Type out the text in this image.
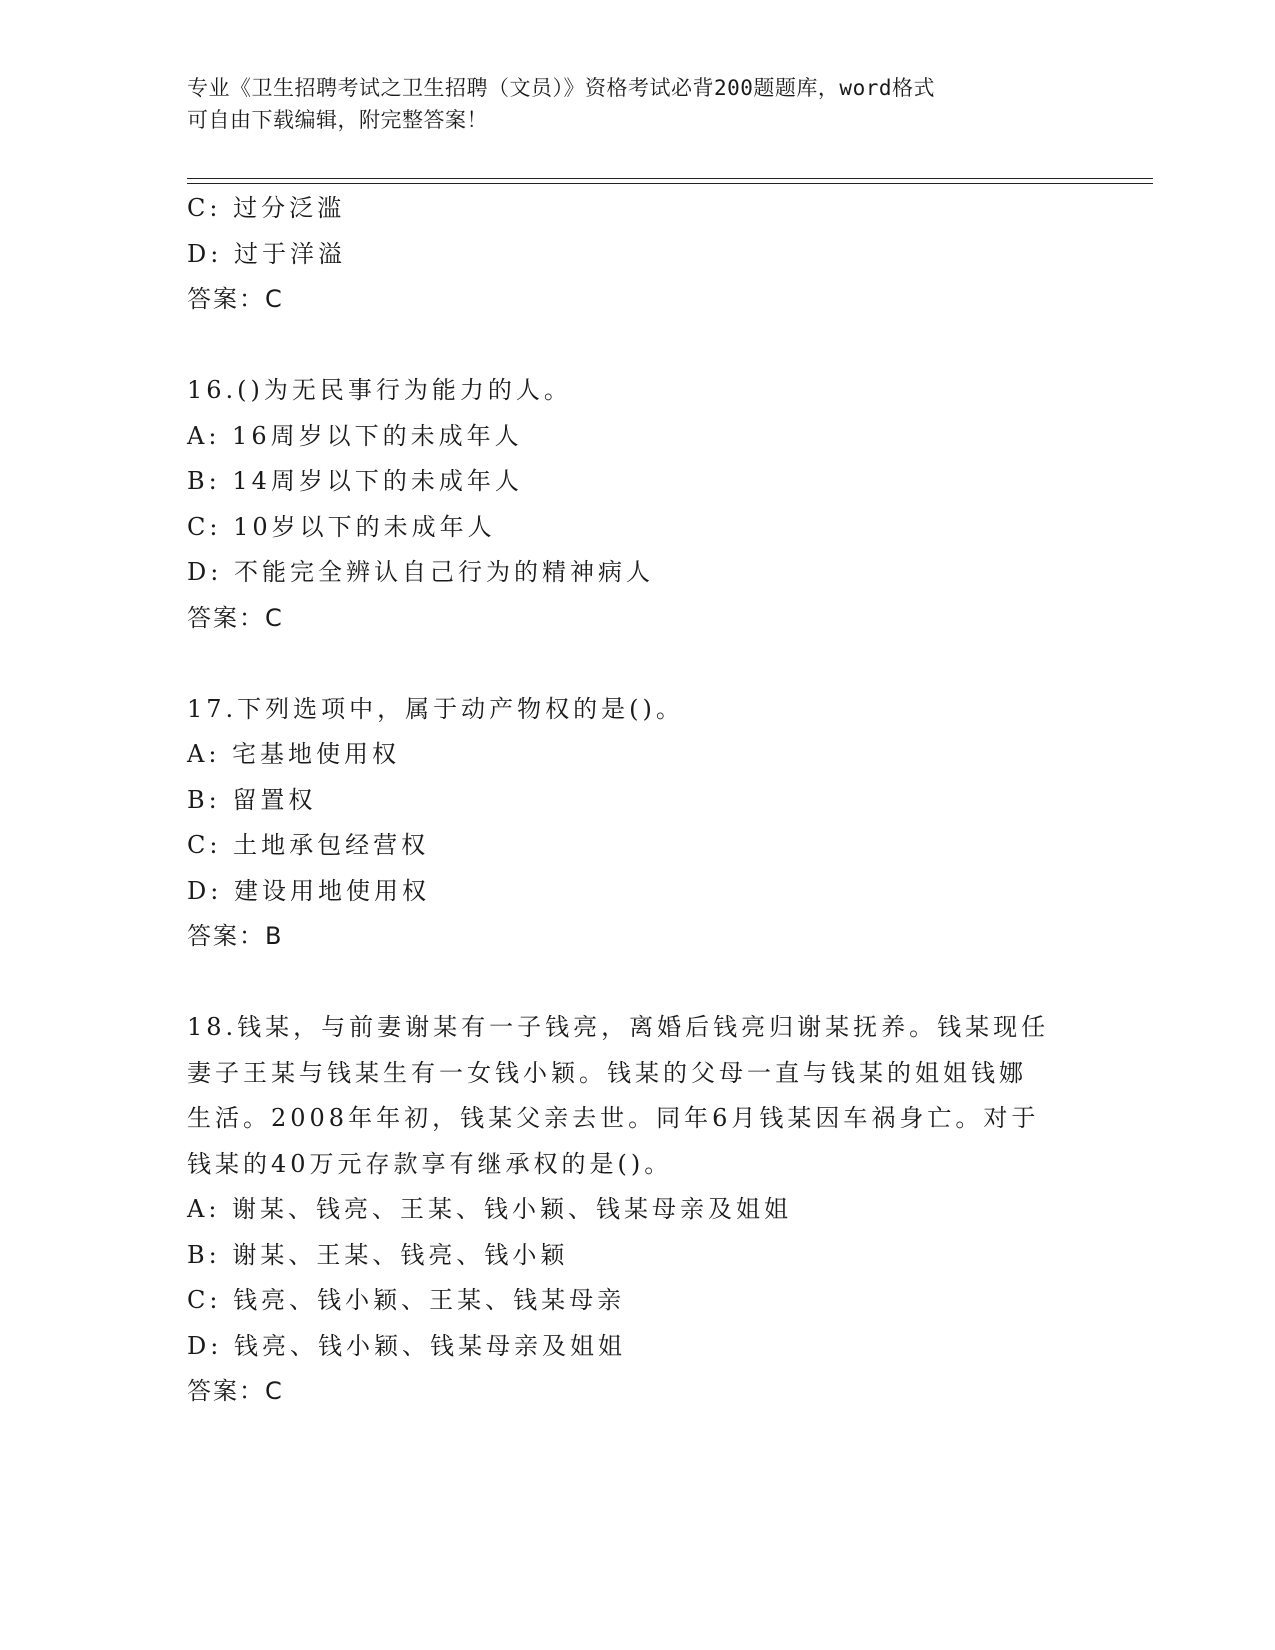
专业《卫生招聘考试之卫生招聘（文员）》资格考试必背200题题库，word格式
可自由下载编辑，附完整答案！
C: 过分泛滥
D: 过于洋溢
答案：C
16.()为无民事行为能力的人。
A: 16周岁以下的未成年人
B: 14周岁以下的未成年人
C: 10岁以下的未成年人
D: 不能完全辨认自己行为的精神病人
答案：C
17.下列选项中，属于动产物权的是()。
A: 宅基地使用权
B: 留置权
C: 土地承包经营权
D: 建设用地使用权
答案：B
18.钱某，与前妻谢某有一子钱亮，离婚后钱亮归谢某抚养。钱某现任
妻子王某与钱某生有一女钱小颖。钱某的父母一直与钱某的姐姐钱娜
生活。2008年年初，钱某父亲去世。同年6月钱某因车祸身亡。对于
钱某的40万元存款享有继承权的是()。
A: 谢某、钱亮、王某、钱小颖、钱某母亲及姐姐
B: 谢某、王某、钱亮、钱小颖
C: 钱亮、钱小颖、王某、钱某母亲
D: 钱亮、钱小颖、钱某母亲及姐姐
答案：C
